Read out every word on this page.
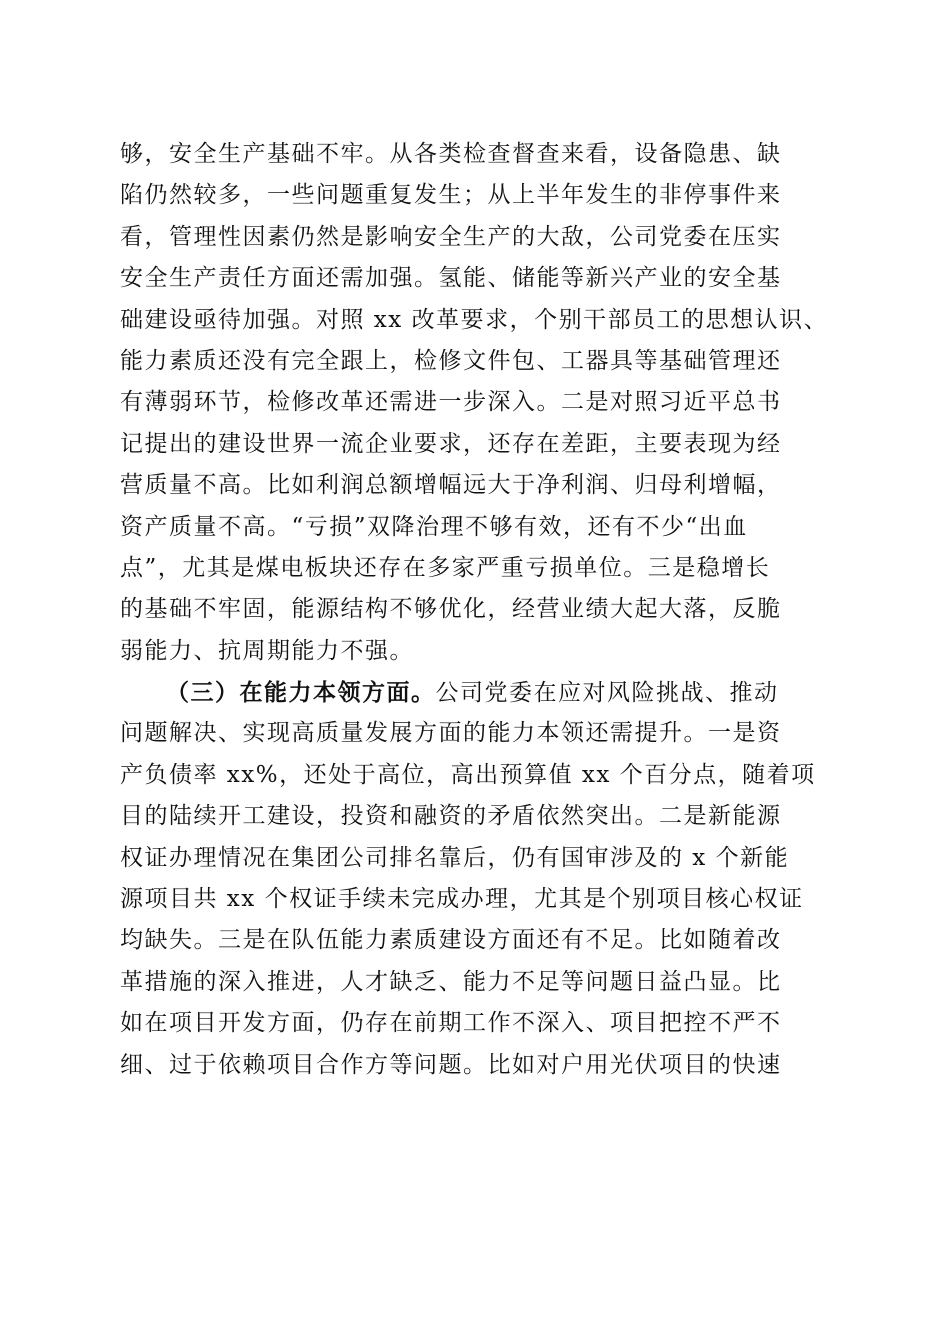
够，安全生产基础不牢。从各类检查督查来看，设备隐患、缺
陷仍然较多，一些问题重复发生；从上半年发生的非停事件来
看，管理性因素仍然是影响安全生产的大敌，公司党委在压实
安全生产责任方面还需加强。氢能、储能等新兴产业的安全基
础建设亟待加强。对照 xx 改革要求，个别干部员工的思想认识、
能力素质还没有完全跟上，检修文件包、工器具等基础管理还
有薄弱环节，检修改革还需进一步深入。二是对照习近平总书
记提出的建设世界一流企业要求，还存在差距，主要表现为经
营质量不高。比如利润总额增幅远大于净利润、归母利增幅，
资产质量不高。“亏损”双降治理不够有效，还有不少“出血
点”，尤其是煤电板块还存在多家严重亏损单位。三是稳增长
的基础不牢固，能源结构不够优化，经营业绩大起大落，反脆
弱能力、抗周期能力不强。
（三）在能力本领方面。公司党委在应对风险挑战、推动
问题解决、实现高质量发展方面的能力本领还需提升。一是资
产负债率 xx%，还处于高位，高出预算值 xx 个百分点，随着项
目的陆续开工建设，投资和融资的矛盾依然突出。二是新能源
权证办理情况在集团公司排名靠后，仍有国审涉及的 x 个新能
源项目共 xx 个权证手续未完成办理，尤其是个别项目核心权证
均缺失。三是在队伍能力素质建设方面还有不足。比如随着改
革措施的深入推进，人才缺乏、能力不足等问题日益凸显。比
如在项目开发方面，仍存在前期工作不深入、项目把控不严不
细、过于依赖项目合作方等问题。比如对户用光伏项目的快速
